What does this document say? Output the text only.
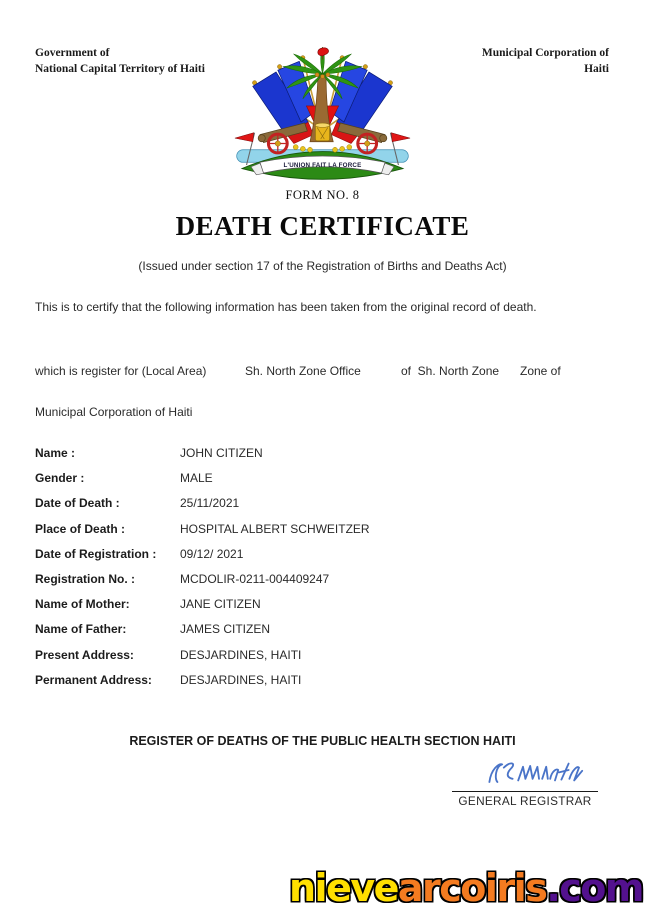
Government of
National Capital Territory of Haiti
Municipal Corporation of
Haiti
L'UNION FAIT LA FORCE
FORM NO. 8
DEATH CERTIFICATE
(Issued under section 17 of the Registration of Births and Deaths Act)
This is to certify that the following information has been taken from the original record of death.
which is register for (Local Area)	Sh. North Zone Office	of  Sh. North Zone Zone of
Municipal Corporation of Haiti
Name :	JOHN CITIZEN
Gender :	MALE
Date of Death :	25/11/2021
Place of Death :	HOSPITAL ALBERT SCHWEITZER
Date of Registration :	09/12/ 2021
Registration No. :	MCDOLIR-0211-004409247
Name of Mother:	JANE CITIZEN
Name of Father:	JAMES CITIZEN
Present Address:	DESJARDINES, HAITI
Permanent Address:	DESJARDINES, HAITI
REGISTER OF DEATHS OF THE PUBLIC HEALTH SECTION HAITI
GENERAL REGISTRAR
nievearcoiris.com
